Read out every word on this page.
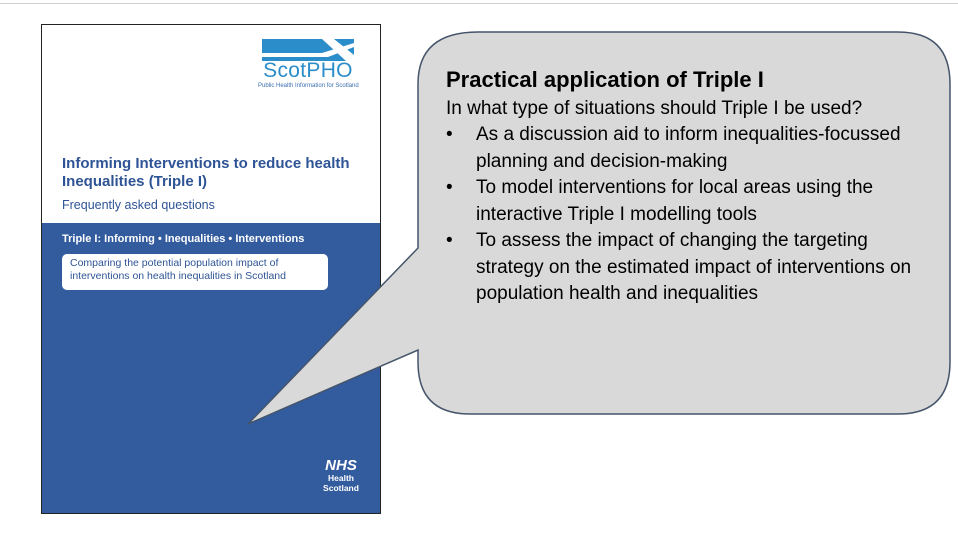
ScotPHO
Public Health Information for Scotland
Informing Interventions to reduce health Inequalities (Triple I)
Frequently asked questions
Triple I: Informing • Inequalities • Interventions
Comparing the potential population impact of interventions on health inequalities in Scotland
NHS
Health
Scotland
Practical application of Triple I
In what type of situations should Triple I be used?
• As a discussion aid to inform inequalities-focussed planning and decision-making
• To model interventions for local areas using the interactive Triple I modelling tools
• To assess the impact of changing the targeting strategy on the estimated impact of interventions on population health and inequalities
